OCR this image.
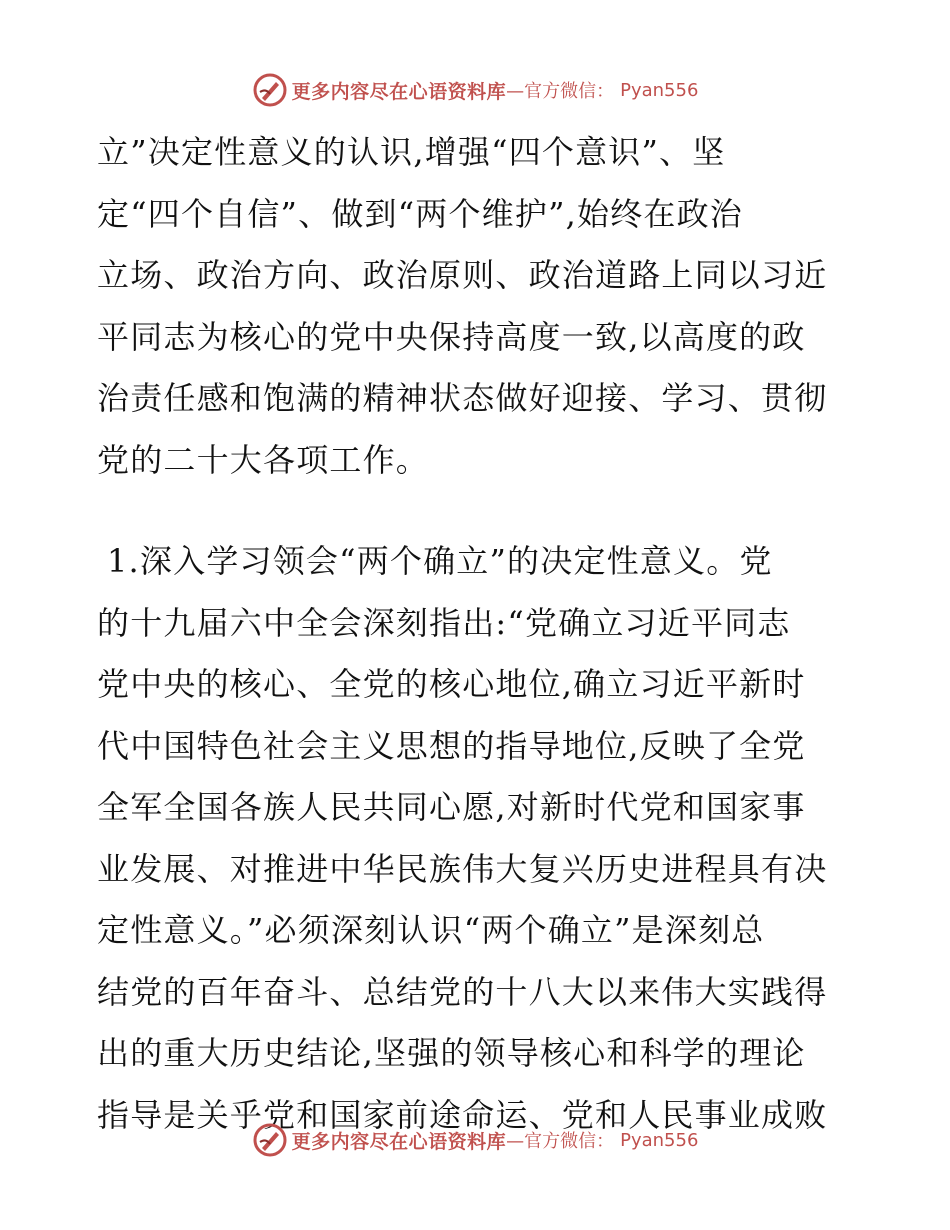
更多内容尽在心语资料库 —官方微信： Pyan556
立”决定性意义的认识,增强“四个意识”、坚
定“四个自信”、做到“两个维护”,始终在政治
立场、政治方向、政治原则、政治道路上同以习近
平同志为核心的党中央保持高度一致,以高度的政
治责任感和饱满的精神状态做好迎接、学习、贯彻
党的二十大各项工作。
1.深入学习领会“两个确立”的决定性意义。党
的十九届六中全会深刻指出:“党确立习近平同志
党中央的核心、全党的核心地位,确立习近平新时
代中国特色社会主义思想的指导地位,反映了全党
全军全国各族人民共同心愿,对新时代党和国家事
业发展、对推进中华民族伟大复兴历史进程具有决
定性意义。”必须深刻认识“两个确立”是深刻总
结党的百年奋斗、总结党的十八大以来伟大实践得
出的重大历史结论,坚强的领导核心和科学的理论
指导是关乎党和国家前途命运、党和人民事业成败
更多内容尽在心语资料库 —官方微信： Pyan556
